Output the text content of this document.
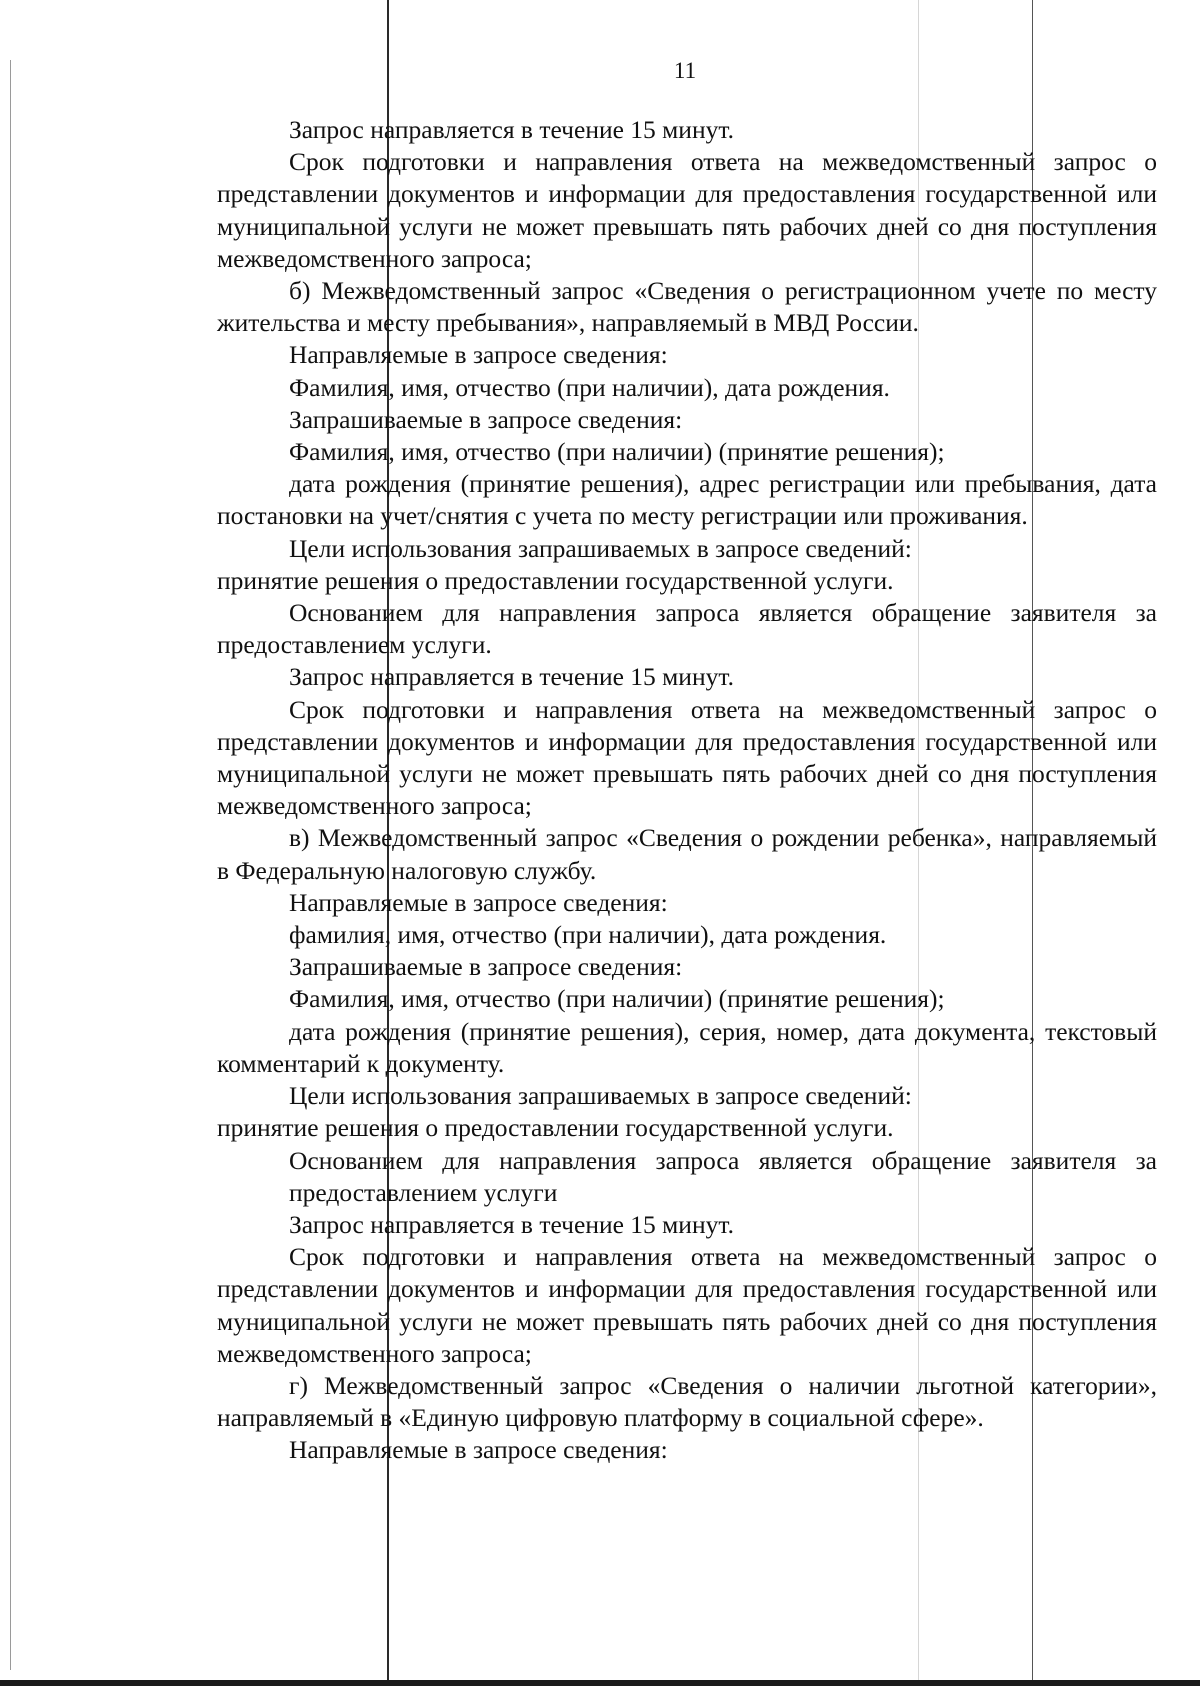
11

Запрос направляется в течение 15 минут.

Срок подготовки и направления ответа на межведомственный запрос о представлении документов и информации для предоставления государственной или муниципальной услуги не может превышать пять рабочих дней со дня поступления межведомственного запроса;

б) Межведомственный запрос «Сведения о регистрационном учете по месту жительства и месту пребывания», направляемый в МВД России.

Направляемые в запросе сведения:

Фамилия, имя, отчество (при наличии), дата рождения.

Запрашиваемые в запросе сведения:

Фамилия, имя, отчество (при наличии) (принятие решения);

дата рождения (принятие решения), адрес регистрации или пребывания, дата постановки на учет/снятия с учета по месту регистрации или проживания.

Цели использования запрашиваемых в запросе сведений:

принятие решения о предоставлении государственной услуги.

Основанием для направления запроса является обращение заявителя за предоставлением услуги.

Запрос направляется в течение 15 минут.

Срок подготовки и направления ответа на межведомственный запрос о представлении документов и информации для предоставления государственной или муниципальной услуги не может превышать пять рабочих дней со дня поступления межведомственного запроса;

в) Межведомственный запрос «Сведения о рождении ребенка», направляемый в Федеральную налоговую службу.

Направляемые в запросе сведения:

фамилия, имя, отчество (при наличии), дата рождения.

Запрашиваемые в запросе сведения:

Фамилия, имя, отчество (при наличии) (принятие решения);

дата рождения (принятие решения), серия, номер, дата документа, текстовый комментарий к документу.

Цели использования запрашиваемых в запросе сведений:

принятие решения о предоставлении государственной услуги.

Основанием для направления запроса является обращение заявителя за предоставлением услуги

Запрос направляется в течение 15 минут.

Срок подготовки и направления ответа на межведомственный запрос о представлении документов и информации для предоставления государственной или муниципальной услуги не может превышать пять рабочих дней со дня поступления межведомственного запроса;

г) Межведомственный запрос «Сведения о наличии льготной категории», направляемый в «Единую цифровую платформу в социальной сфере».

Направляемые в запросе сведения:
